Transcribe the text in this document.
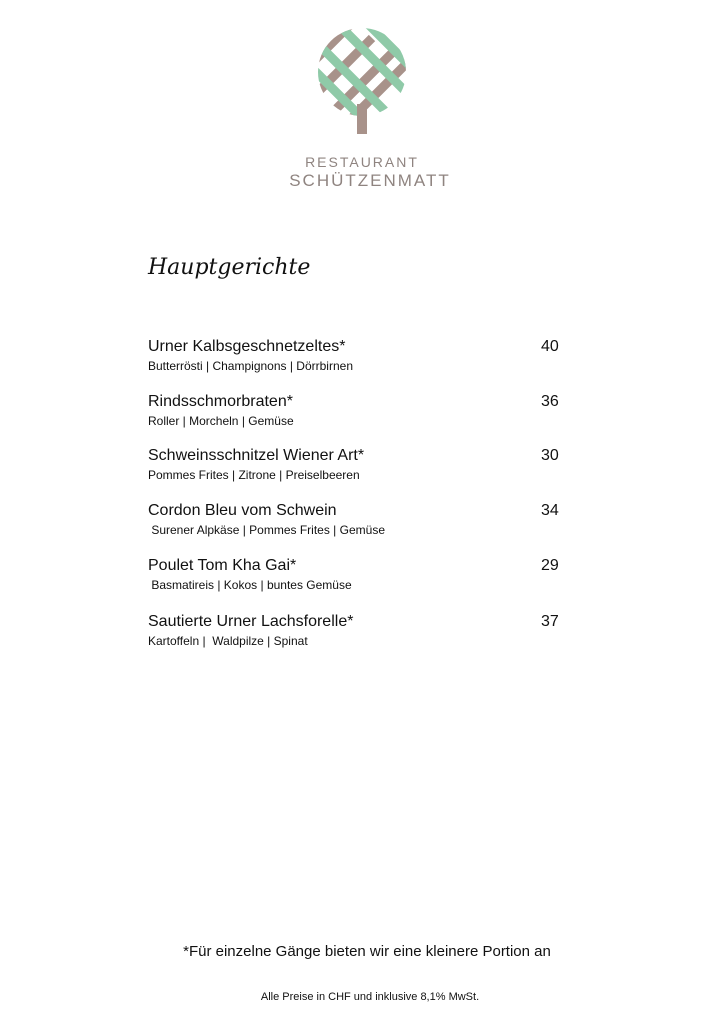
RESTAURANT
SCHÜTZENMATT
Hauptgerichte
Urner Kalbsgeschnetzeltes*
Butterrösti | Champignons | Dörrbirnen
40
Rindsschmorbraten*
Roller | Morcheln | Gemüse
36
Schweinsschnitzel Wiener Art*
Pommes Frites | Zitrone | Preiselbeeren
30
Cordon Bleu vom Schwein
Surener Alpkäse | Pommes Frites | Gemüse
34
Poulet Tom Kha Gai*
Basmatireis | Kokos | buntes Gemüse
29
Sautierte Urner Lachsforelle*
Kartoffeln |  Waldpilze | Spinat
37
*Für einzelne Gänge bieten wir eine kleinere Portion an
Alle Preise in CHF und inklusive 8,1% MwSt.
